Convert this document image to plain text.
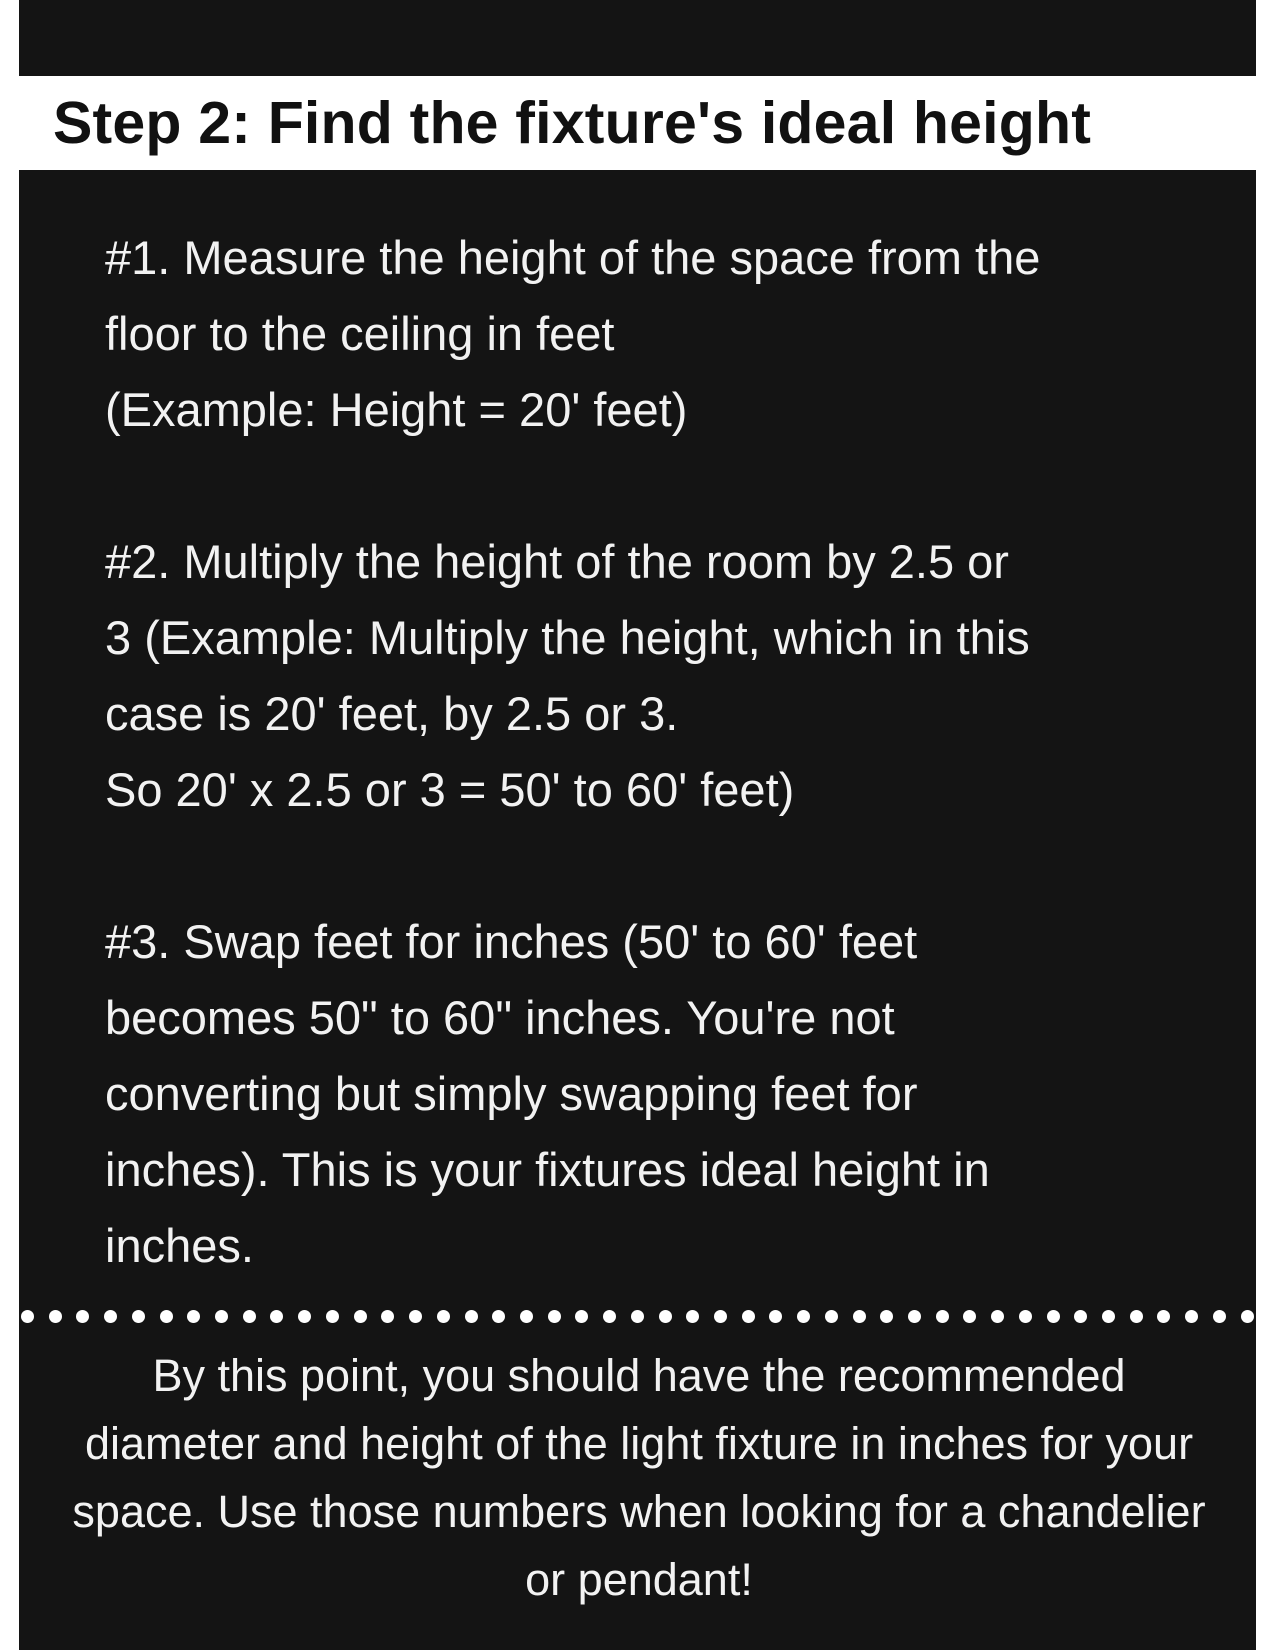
Step 2: Find the fixture's ideal height

#1. Measure the height of the space from the
floor to the ceiling in feet
(Example: Height = 20' feet)

#2. Multiply the height of the room by 2.5 or
3 (Example: Multiply the height, which in this
case is 20' feet, by 2.5 or 3.
So 20' x 2.5 or 3 = 50' to 60' feet)

#3. Swap feet for inches (50' to 60' feet
becomes 50" to 60" inches. You're not
converting but simply swapping feet for
inches). This is your fixtures ideal height in
inches.

By this point, you should have the recommended diameter and height of the light fixture in inches for your space. Use those numbers when looking for a chandelier or pendant!
